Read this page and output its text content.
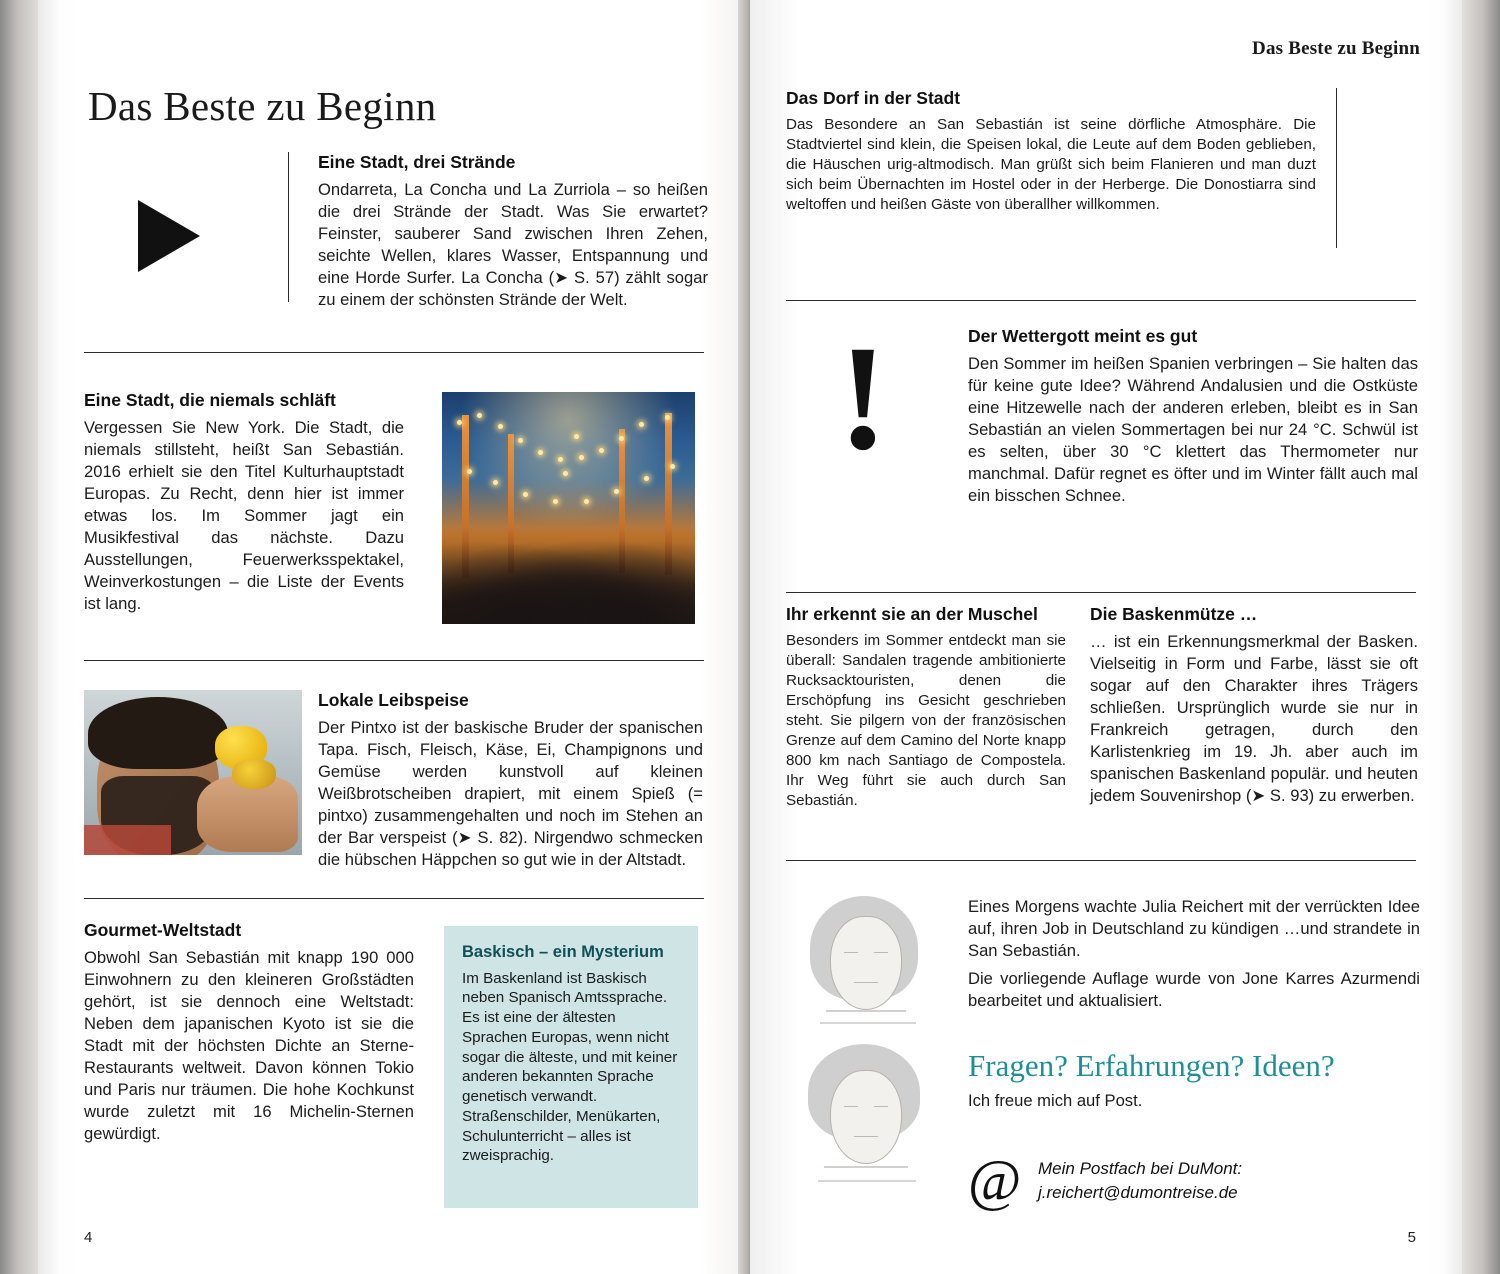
Das Beste zu Beginn
Eine Stadt, drei Strände

Ondarreta, La Concha und La Zurriola – so heißen die drei Strände der Stadt. Was Sie erwartet? Feinster, sauberer Sand zwischen Ihren Zehen, seichte Wellen, klares Wasser, Entspannung und eine Horde Surfer. La Concha (➤ S. 57) zählt sogar zu einem der schönsten Strände der Welt.

Eine Stadt, die niemals schläft

Vergessen Sie New York. Die Stadt, die niemals stillsteht, heißt San Sebastián. 2016 erhielt sie den Titel Kulturhauptstadt Europas. Zu Recht, denn hier ist immer etwas los. Im Sommer jagt ein Musikfestival das nächste. Dazu Ausstellungen, Feuerwerksspektakel, Weinverkostungen – die Liste der Events ist lang.

Lokale Leibspeise

Der Pintxo ist der baskische Bruder der spanischen Tapa. Fisch, Fleisch, Käse, Ei, Champignons und Gemüse werden kunstvoll auf kleinen Weißbrotscheiben drapiert, mit einem Spieß (= pintxo) zusammengehalten und noch im Stehen an der Bar verspeist (➤ S. 82). Nirgendwo schmecken die hübschen Häppchen so gut wie in der Altstadt.

Gourmet-Weltstadt

Obwohl San Sebastián mit knapp 190 000 Einwohnern zu den kleineren Großstädten gehört, ist sie dennoch eine Weltstadt: Neben dem japanischen Kyoto ist sie die Stadt mit der höchsten Dichte an Sterne-Restaurants weltweit. Davon können Tokio und Paris nur träumen. Die hohe Kochkunst wurde zuletzt mit 16 Michelin-Sternen gewürdigt.

Baskisch – ein Mysterium

Im Baskenland ist Baskisch neben Spanisch Amtssprache. Es ist eine der ältesten Sprachen Europas, wenn nicht sogar die älteste, und mit keiner anderen bekannten Sprache genetisch verwandt. Straßenschilder, Menükarten, Schulunterricht – alles ist zweisprachig.

4
Das Beste zu Beginn
Das Dorf in der Stadt

Das Besondere an San Sebastián ist seine dörfliche Atmosphäre. Die Stadtviertel sind klein, die Speisen lokal, die Leute auf dem Boden geblieben, die Häuschen urig-altmodisch. Man grüßt sich beim Flanieren und man duzt sich beim Übernachten im Hostel oder in der Herberge. Die Donostiarra sind weltoffen und heißen Gäste von überallher willkommen.

!	Der Wettergott meint es gut

Den Sommer im heißen Spanien verbringen – Sie halten das für keine gute Idee? Während Andalusien und die Ostküste eine Hitzewelle nach der anderen erleben, bleibt es in San Sebastián an vielen Sommertagen bei nur 24 °C. Schwül ist es selten, über 30 °C klettert das Thermometer nur manchmal. Dafür regnet es öfter und im Winter fällt auch mal ein bisschen Schnee.

Ihr erkennt sie an der Muschel

Besonders im Sommer entdeckt man sie überall: Sandalen tragende ambitionierte Rucksacktouristen, denen die Erschöpfung ins Gesicht geschrieben steht. Sie pilgern von der französischen Grenze auf dem Camino del Norte knapp 800 km nach Santiago de Compostela. Ihr Weg führt sie auch durch San Sebastián.

Die Baskenmütze …

… ist ein Erkennungsmerkmal der Basken. Vielseitig in Form und Farbe, lässt sie oft sogar auf den Charakter ihres Trägers schließen. Ursprünglich wurde sie nur in Frankreich getragen, durch den Karlistenkrieg im 19. Jh. aber auch im spanischen Baskenland populär. und heuten jedem Souvenirshop (➤ S. 93) zu erwerben.

Eines Morgens wachte Julia Reichert mit der verrückten Idee auf, ihren Job in Deutschland zu kündigen …und strandete in San Sebastián.

Die vorliegende Auflage wurde von Jone Karres Azurmendi bearbeitet und aktualisiert.

Fragen? Erfahrungen? Ideen?

Ich freue mich auf Post.

@ Mein Postfach bei DuMont:
j.reichert@dumontreise.de
5
